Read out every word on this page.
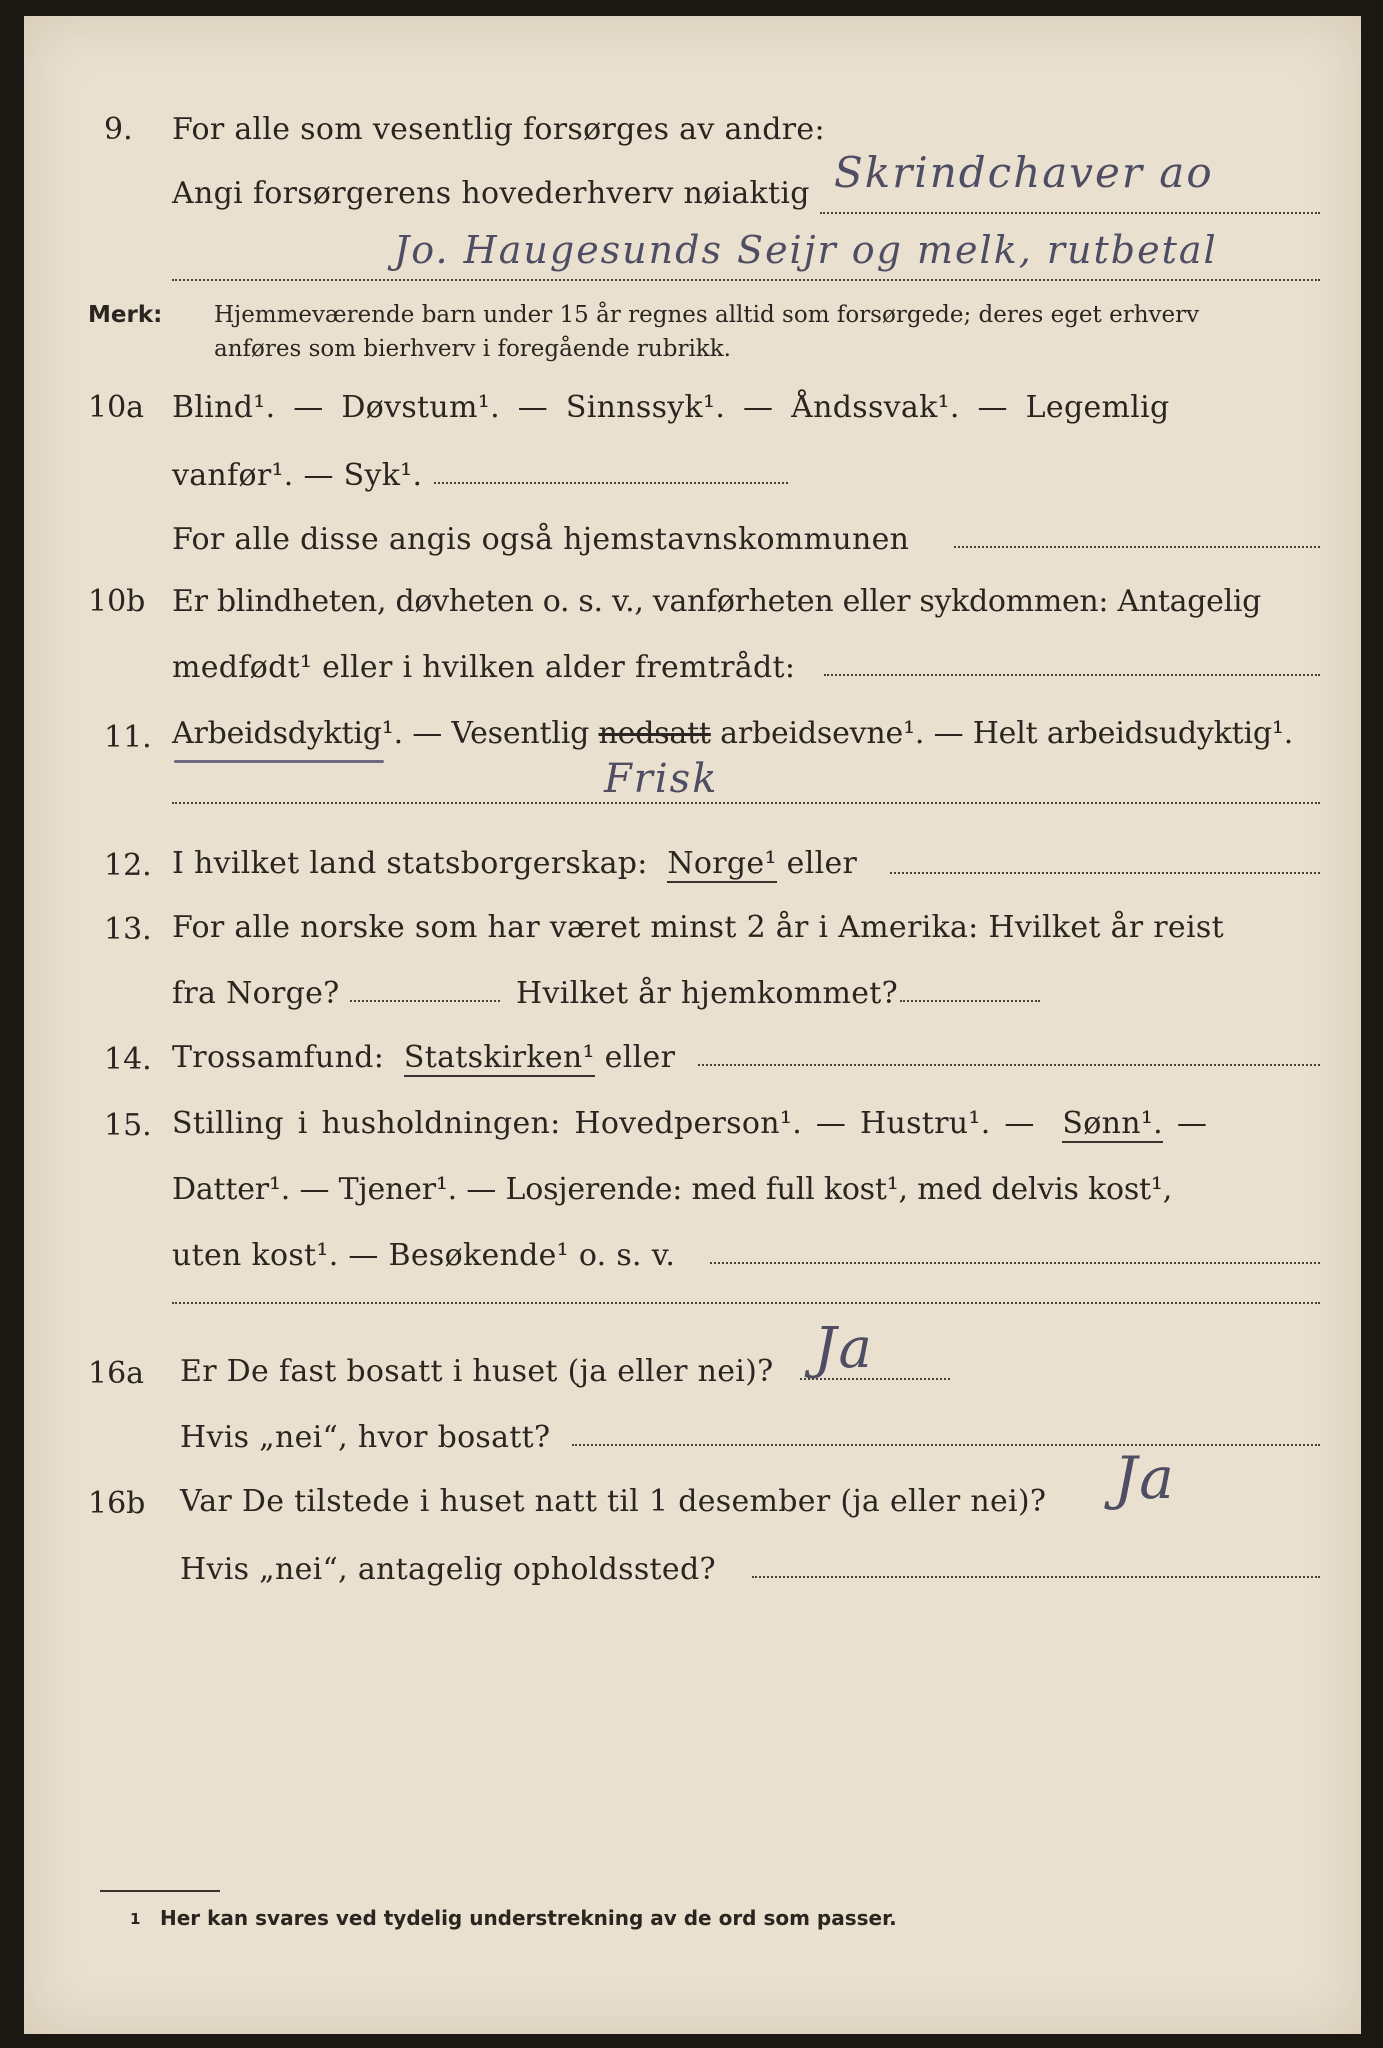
9. For alle som vesentlig forsørges av andre:
Angi forsørgerens hovederhverv nøiaktig Skrindchaver ao
Jo. Haugesunds Seijr og melk, rutbetal
Merk: Hjemmeværende barn under 15 år regnes alltid som forsørgede; deres eget erhverv
anføres som bierhverv i foregående rubrikk.
10a Blind¹. — Døvstum¹. — Sinnssyk¹. — Åndssvak¹. — Legemlig
vanfør¹. — Syk¹.
For alle disse angis også hjemstavnskommunen
10b Er blindheten, døvheten o. s. v., vanførheten eller sykdommen: Antagelig
medfødt¹ eller i hvilken alder fremtrådt:
11. Arbeidsdyktig¹. — Vesentlig nedsatt arbeidsevne¹. — Helt arbeidsudyktig¹.
Frisk
12. I hvilket land statsborgerskap: Norge¹ eller
13. For alle norske som har været minst 2 år i Amerika: Hvilket år reist
fra Norge?	Hvilket år hjemkommet?
14. Trossamfund: Statskirken¹ eller
15. Stilling i husholdningen: Hovedperson¹. — Hustru¹. — Sønn¹. —
Datter¹. — Tjener¹. — Losjerende: med full kost¹, med delvis kost¹,
uten kost¹. — Besøkende¹ o. s. v.
16a Er De fast bosatt i huset (ja eller nei)? Ja
Hvis „nei“, hvor bosatt?
16b Var De tilstede i huset natt til 1 desember (ja eller nei)? Ja
Hvis „nei“, antagelig opholdssted?
1 Her kan svares ved tydelig understrekning av de ord som passer.
